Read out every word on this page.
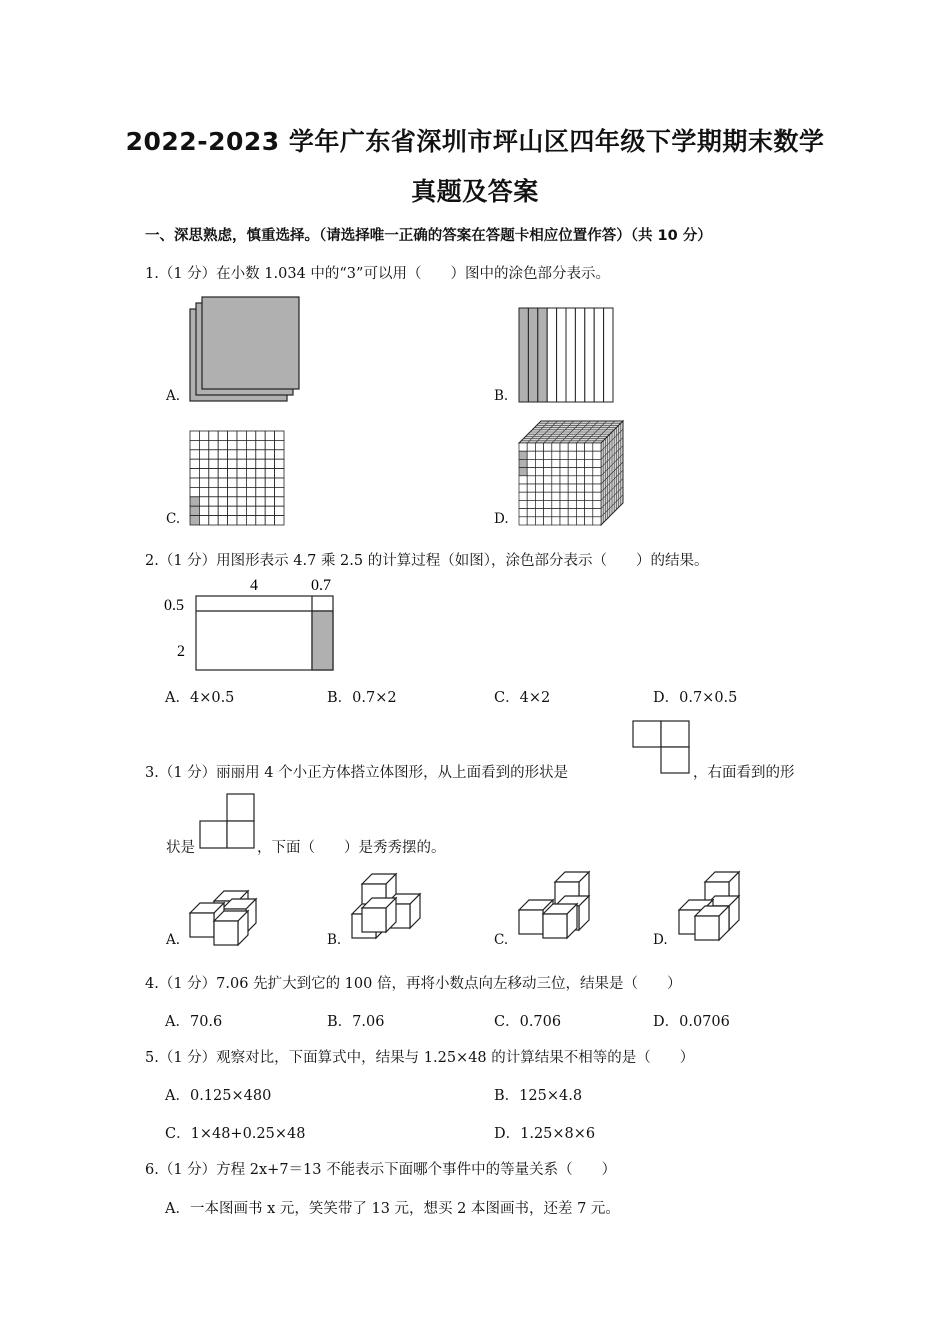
2022-2023 学年广东省深圳市坪山区四年级下学期期末数学
真题及答案
一、深思熟虑，慎重选择。（请选择唯一正确的答案在答题卡相应位置作答）（共 10 分）
1.（1 分）在小数 1.034 中的“3”可以用（　　）图中的涂色部分表示。
A.	B.
C.	D.
2.（1 分）用图形表示 4.7 乘 2.5 的计算过程（如图），涂色部分表示（　　）的结果。
4	0.7
0.5
2
A．4×0.5	B．0.7×2	C．4×2	D．0.7×0.5
3.（1 分）丽丽用 4 个小正方体搭立体图形，从上面看到的形状是	，右面看到的形
状是	，下面（　　）是秀秀摆的。
A.	B.	C.	D.
4.（1 分）7.06 先扩大到它的 100 倍，再将小数点向左移动三位，结果是（　　）
A．70.6	B．7.06	C．0.706	D．0.0706
5.（1 分）观察对比，下面算式中，结果与 1.25×48 的计算结果不相等的是（　　）
A．0.125×480	B．125×4.8
C．1×48+0.25×48	D．1.25×8×6
6.（1 分）方程 2x+7＝13 不能表示下面哪个事件中的等量关系（　　）
A．一本图画书 x 元，笑笑带了 13 元，想买 2 本图画书，还差 7 元。
